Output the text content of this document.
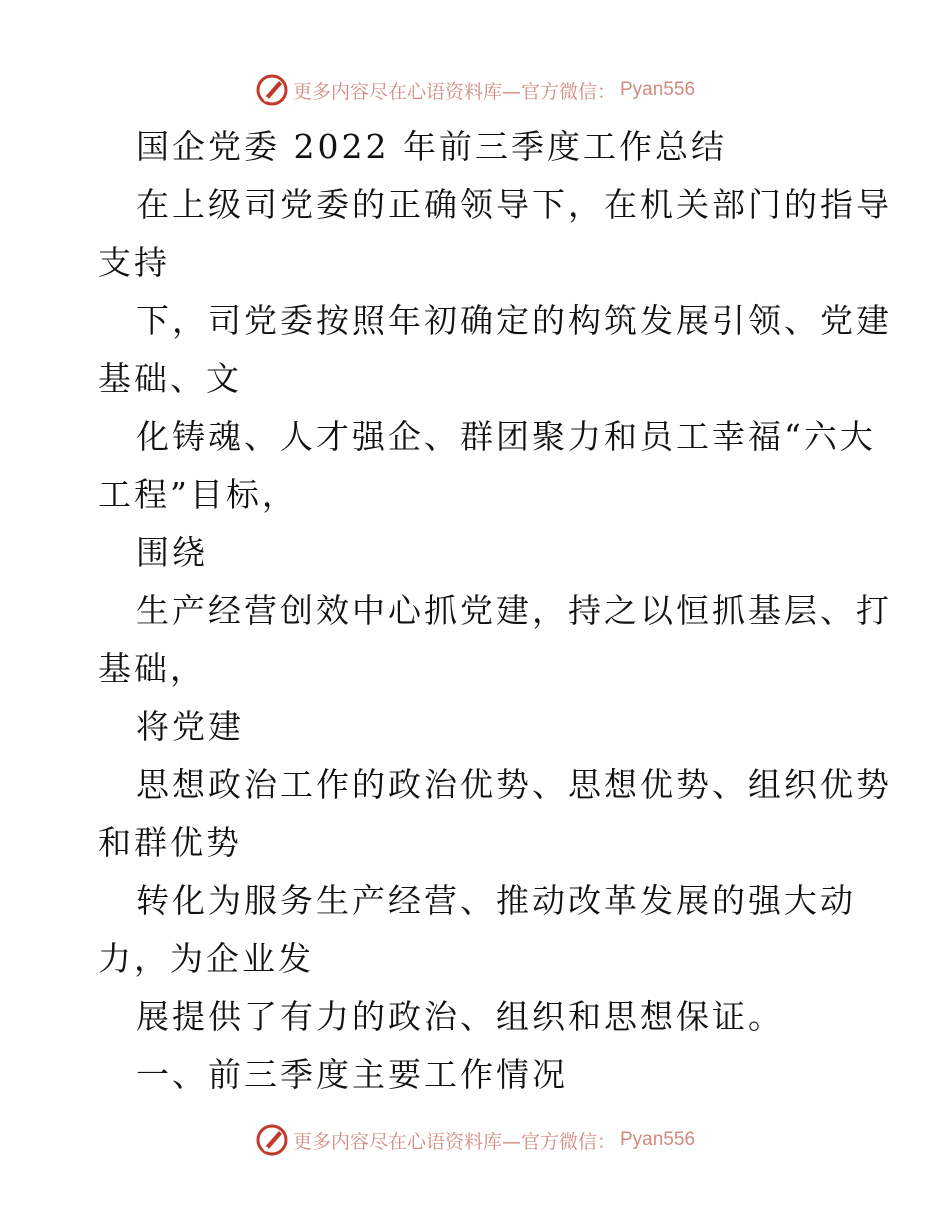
更多内容尽在心语资料库—官方微信： Pyan556

国企党委 2022 年前三季度工作总结

在上级司党委的正确领导下，在机关部门的指导

支持

下，司党委按照年初确定的构筑发展引领、党建

基础、文

化铸魂、人才强企、群团聚力和员工幸福“六大

工程”目标，

围绕

生产经营创效中心抓党建，持之以恒抓基层、打

基础，

将党建

思想政治工作的政治优势、思想优势、组织优势

和群优势

转化为服务生产经营、推动改革发展的强大动

力，为企业发

展提供了有力的政治、组织和思想保证。

一、前三季度主要工作情况

更多内容尽在心语资料库—官方微信： Pyan556
